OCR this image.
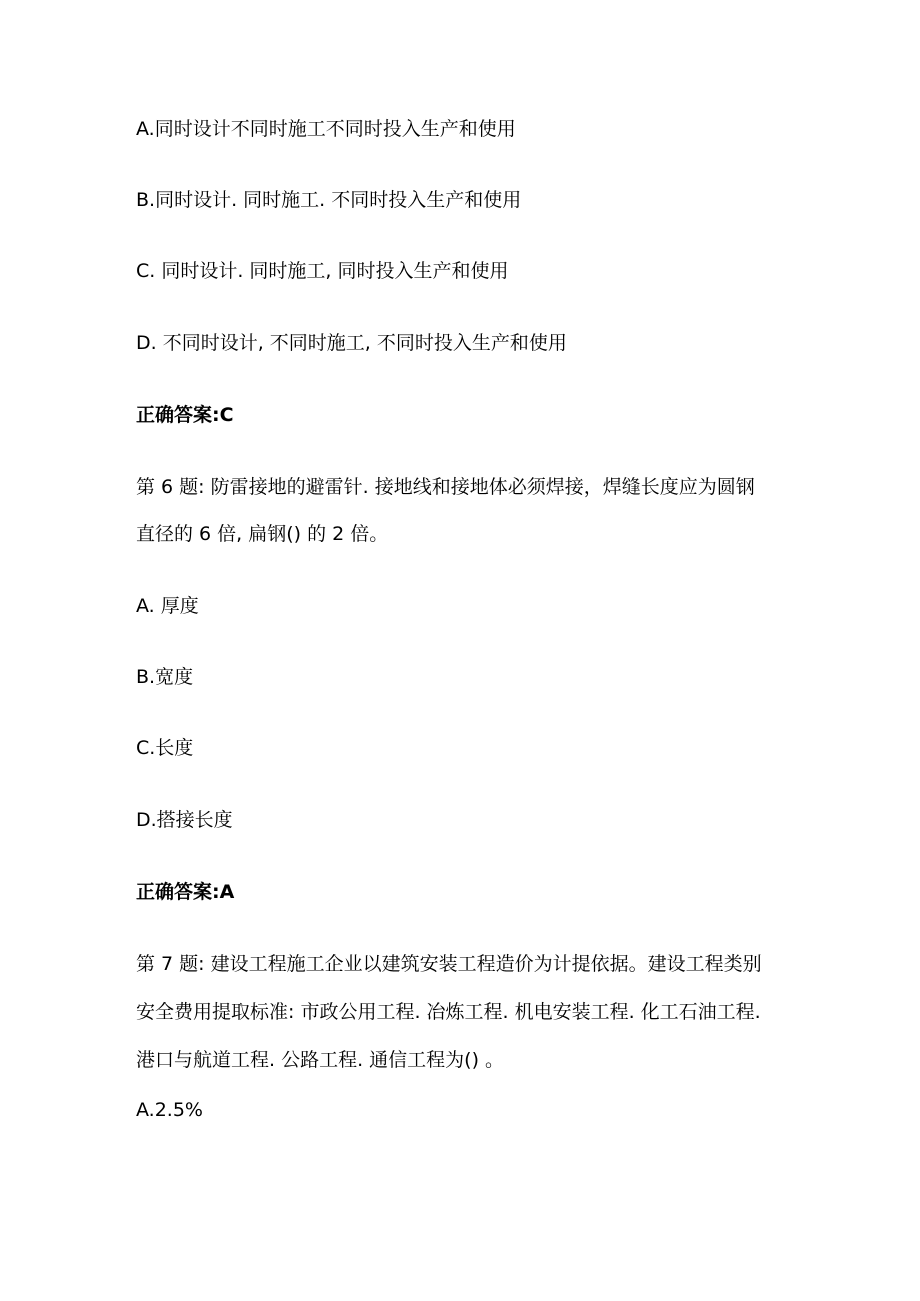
A.同时设计不同时施工不同时投入生产和使用
B.同时设计. 同时施工. 不同时投入生产和使用
C. 同时设计. 同时施工, 同时投入生产和使用
D. 不同时设计, 不同时施工, 不同时投入生产和使用
正确答案:C
第 6 题: 防雷接地的避雷针. 接地线和接地体必须焊接，焊缝长度应为圆钢
直径的 6 倍, 扁钢() 的 2 倍。
A. 厚度
B.宽度
C.长度
D.搭接长度
正确答案:A
第 7 题: 建设工程施工企业以建筑安装工程造价为计提依据。建设工程类别
安全费用提取标准: 市政公用工程. 冶炼工程. 机电安装工程. 化工石油工程.
港口与航道工程. 公路工程. 通信工程为() 。
A.2.5%
